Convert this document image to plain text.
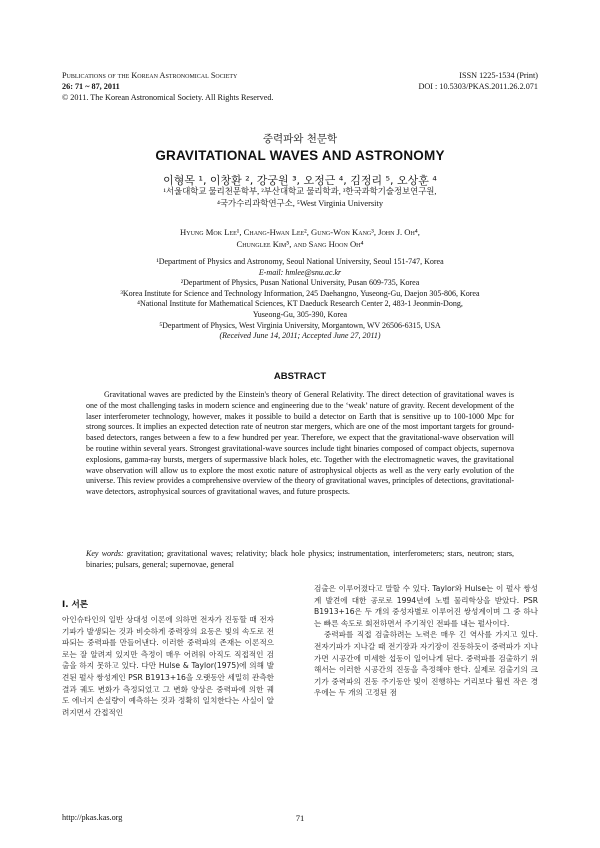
Publications of the Korean Astronomical Society
26: 71 ~ 87, 2011
© 2011. The Korean Astronomical Society. All Rights Reserved.
ISSN 1225-1534 (Print)
DOI : 10.5303/PKAS.2011.26.2.071
중력파와 천문학
GRAVITATIONAL WAVES AND ASTRONOMY
이형목 ¹, 이창환 ², 강궁원 ³, 오정근 ⁴, 김정리 ⁵, 오상훈 ⁴
¹서울대학교 물리천문학부, ²부산대학교 물리학과, ³한국과학기술정보연구원,
⁴국가수리과학연구소, ⁵West Virginia University
Hyung Mok Lee¹, Chang-Hwan Lee², Gung-Won Kang³, John J. Oh⁴,
Chunglee Kim⁵, and Sang Hoon Oh⁴
¹Department of Physics and Astronomy, Seoul National University, Seoul 151-747, Korea
E-mail: hmlee@snu.ac.kr
²Department of Physics, Pusan National University, Pusan 609-735, Korea
³Korea Institute for Science and Technology Information, 245 Daehangno, Yuseong-Gu, Daejon 305-806, Korea
⁴National Institute for Mathematical Sciences, KT Daeduck Research Center 2, 483-1 Jeonmin-Dong,
Yuseong-Gu, 305-390, Korea
⁵Department of Physics, West Virginia University, Morgantown, WV 26506-6315, USA
(Received June 14, 2011; Accepted June 27, 2011)
ABSTRACT
Gravitational waves are predicted by the Einstein's theory of General Relativity. The direct detection of gravitational waves is one of the most challenging tasks in modern science and engineering due to the ‘weak’ nature of gravity. Recent development of the laser interferometer technology, however, makes it possible to build a detector on Earth that is sensitive up to 100-1000 Mpc for strong sources. It implies an expected detection rate of neutron star mergers, which are one of the most important targets for ground-based detectors, ranges between a few to a few hundred per year. Therefore, we expect that the gravitational-wave observation will be routine within several years. Strongest gravitational-wave sources include tight binaries composed of compact objects, supernova explosions, gamma-ray bursts, mergers of supermassive black holes, etc. Together with the electromagnetic waves, the gravitational wave observation will allow us to explore the most exotic nature of astrophysical objects as well as the very early evolution of the universe. This review provides a comprehensive overview of the theory of gravitational waves, principles of detections, gravitational-wave detectors, astrophysical sources of gravitational waves, and future prospects.
Key words: gravitation; gravitational waves; relativity; black hole physics; instrumentation, interferometers; stars, neutron; stars, binaries; pulsars, general; supernovae, general
I. 서론

아인슈타인의 일반 상대성 이론에 의하면 전자가 진동할 때 전자기파가 발생되는 것과 비슷하게 중력장의 요동은 빛의 속도로 전파되는 중력파를 만들어낸다. 이러한 중력파의 존재는 이론적으로는 잘 알려져 있지만 측정이 매우 어려워 아직도 직접적인 검출을 하지 못하고 있다. 다만 Hulse & Taylor(1975)에 의해 발견된 펄사 쌍성계인 PSR B1913+16을 오랫동안 세밀히 관측한 결과 궤도 변화가 측정되었고 그 변화 양상은 중력파에 의한 궤도 에너지 손실량이 예측하는 것과 정확히 일치한다는 사실이 알려지면서 간접적인

검출은 이루어졌다고 말할 수 있다. Taylor와 Hulse는 이 펄사 쌍성계 발견에 대한 공로로 1994년에 노벨 물리학상을 받았다. PSR B1913+16은 두 개의 중성자별로 이루어진 쌍성계이며 그 중 하나는 빠른 속도로 회전하면서 주기적인 전파를 내는 펄사이다.

중력파를 직접 검출하려는 노력은 매우 긴 역사를 가지고 있다. 전자기파가 지나갈 때 전기장과 자기장이 진동하듯이 중력파가 지나가면 시공간에 미세한 섭동이 일어나게 된다. 중력파를 검출하기 위해서는 이러한 시공간의 진동을 측정해야 한다. 실제로 검출기의 크기가 중력파의 진동 주기동안 빛이 진행하는 거리보다 훨씬 작은 경우에는 두 개의 고정된 점

http://pkas.kas.org	71
